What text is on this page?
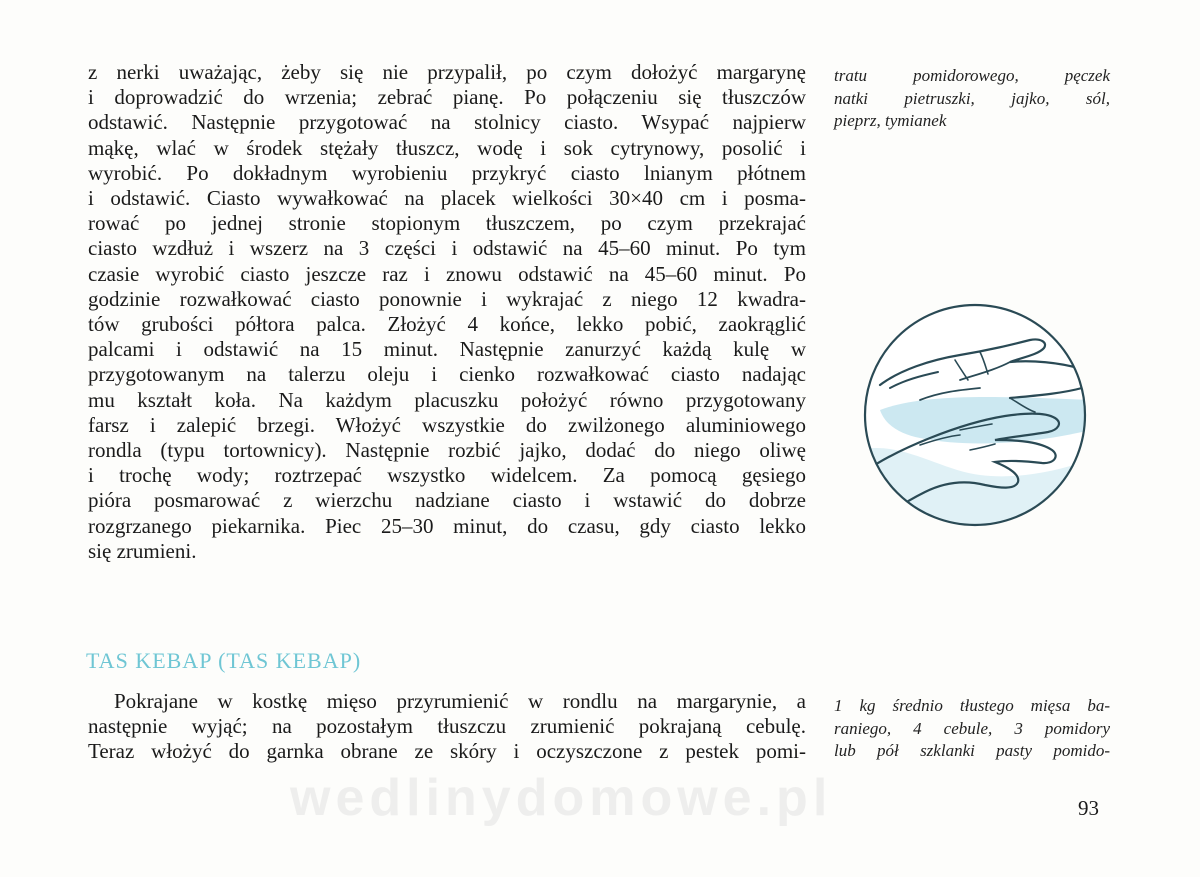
z nerki uważając, żeby się nie przypalił, po czym dołożyć margarynę
i doprowadzić do wrzenia; zebrać pianę. Po połączeniu się tłuszczów
odstawić. Następnie przygotować na stolnicy ciasto. Wsypać najpierw
mąkę, wlać w środek stężały tłuszcz, wodę i sok cytrynowy, posolić i
wyrobić. Po dokładnym wyrobieniu przykryć ciasto lnianym płótnem
i odstawić. Ciasto wywałkować na placek wielkości 30×40 cm i posma-
rować po jednej stronie stopionym tłuszczem, po czym przekrajać
ciasto wzdłuż i wszerz na 3 części i odstawić na 45–60 minut. Po tym
czasie wyrobić ciasto jeszcze raz i znowu odstawić na 45–60 minut. Po
godzinie rozwałkować ciasto ponownie i wykrajać z niego 12 kwadra-
tów grubości półtora palca. Złożyć 4 końce, lekko pobić, zaokrąglić
palcami i odstawić na 15 minut. Następnie zanurzyć każdą kulę w
przygotowanym na talerzu oleju i cienko rozwałkować ciasto nadając
mu kształt koła. Na każdym placuszku położyć równo przygotowany
farsz i zalepić brzegi. Włożyć wszystkie do zwilżonego aluminiowego
rondla (typu tortownicy). Następnie rozbić jajko, dodać do niego oliwę
i trochę wody; roztrzepać wszystko widelcem. Za pomocą gęsiego
pióra posmarować z wierzchu nadziane ciasto i wstawić do dobrze
rozgrzanego piekarnika. Piec 25–30 minut, do czasu, gdy ciasto lekko
się zrumieni.
tratu pomidorowego, pęczek
natki pietruszki, jajko, sól,
pieprz, tymianek
TAS KEBAP (TAS KEBAP)
Pokrajane w kostkę mięso przyrumienić w rondlu na margarynie, a
następnie wyjąć; na pozostałym tłuszczu zrumienić pokrajaną cebulę.
Teraz włożyć do garnka obrane ze skóry i oczyszczone z pestek pomi-
1 kg średnio tłustego mięsa ba-
raniego, 4 cebule, 3 pomidory
lub pół szklanki pasty pomido-
wedlinydomowe.pl	93
